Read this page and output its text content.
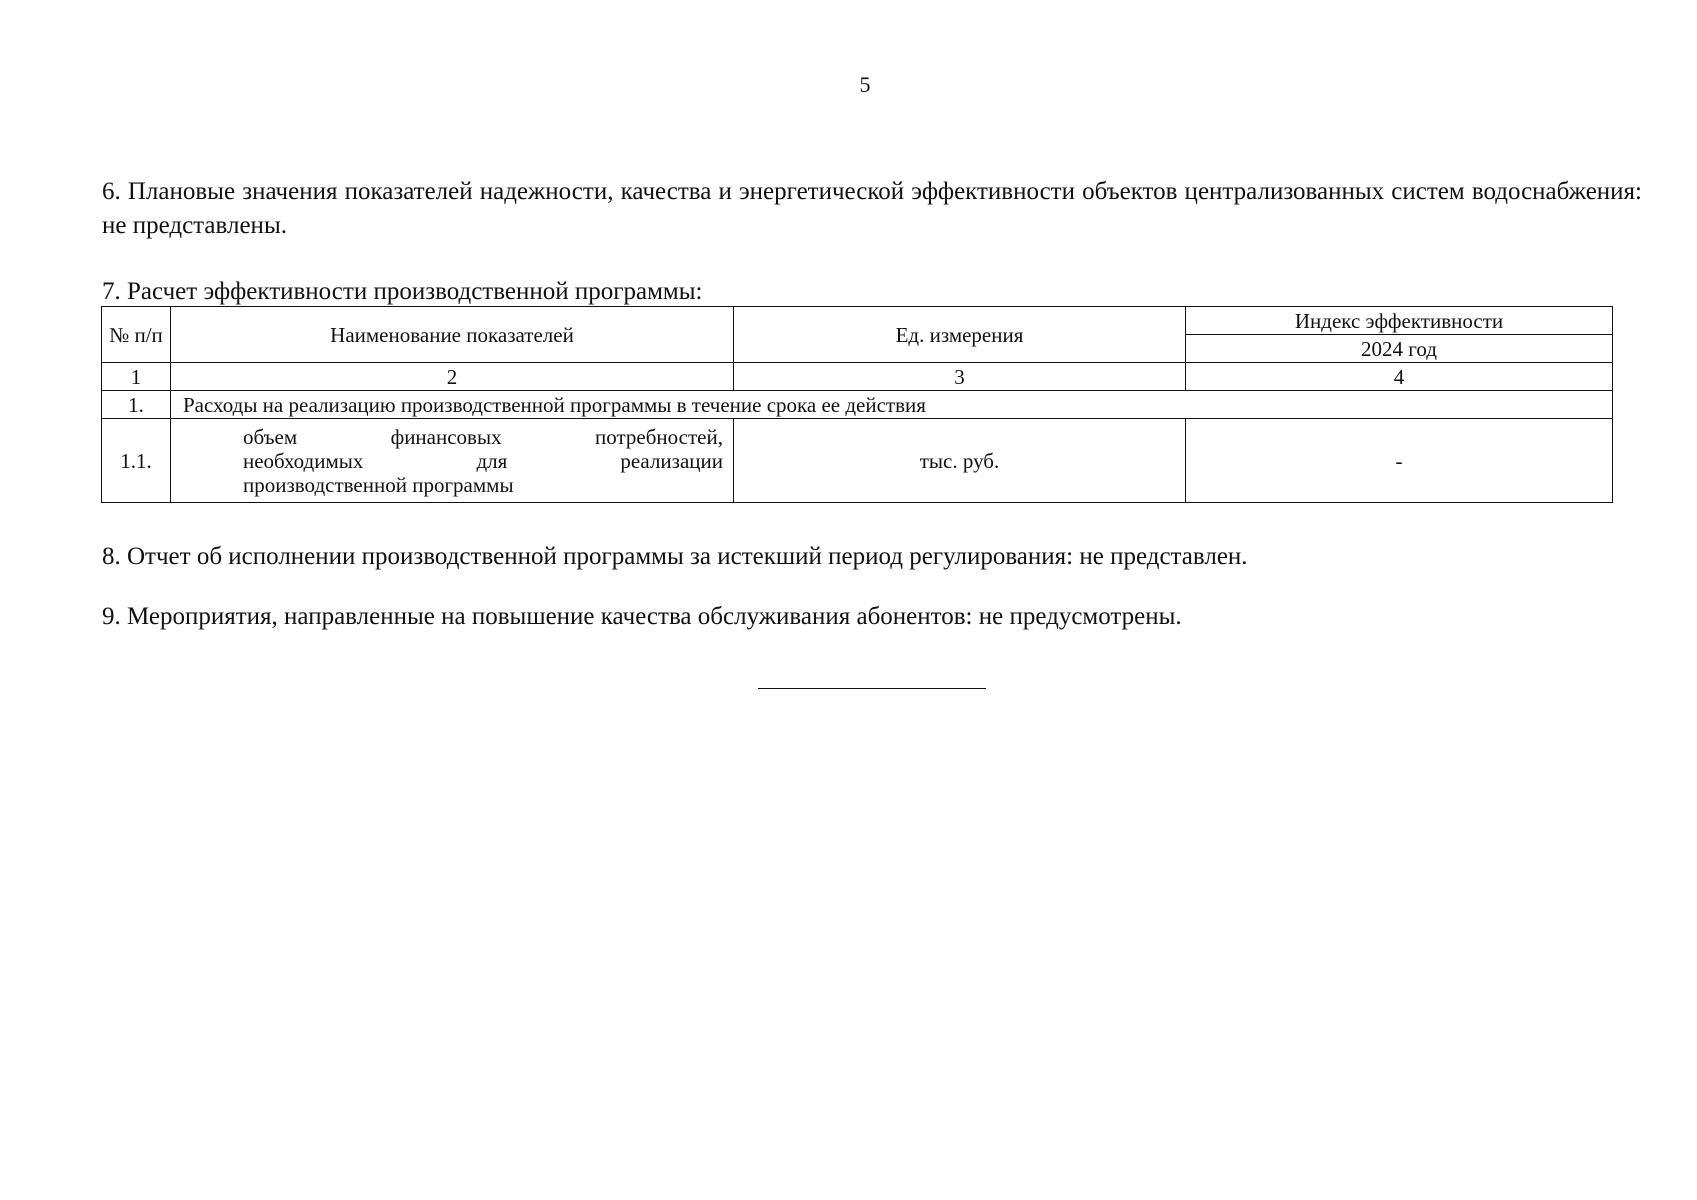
5

6. Плановые значения показателей надежности, качества и энергетической эффективности объектов централизованных систем водоснабжения: не представлены.

7. Расчет эффективности производственной программы:

№ п/п	Наименование показателей	Ед. измерения	Индекс эффективности
			2024 год
1	2	3	4
1.	Расходы на реализацию производственной программы в течение срока ее действия		
1.1.	объем финансовых потребностей,
необходимых для реализации
производственной программы	тыс. руб.	-

8. Отчет об исполнении производственной программы за истекший период регулирования: не представлен.

9. Мероприятия, направленные на повышение качества обслуживания абонентов: не предусмотрены.
